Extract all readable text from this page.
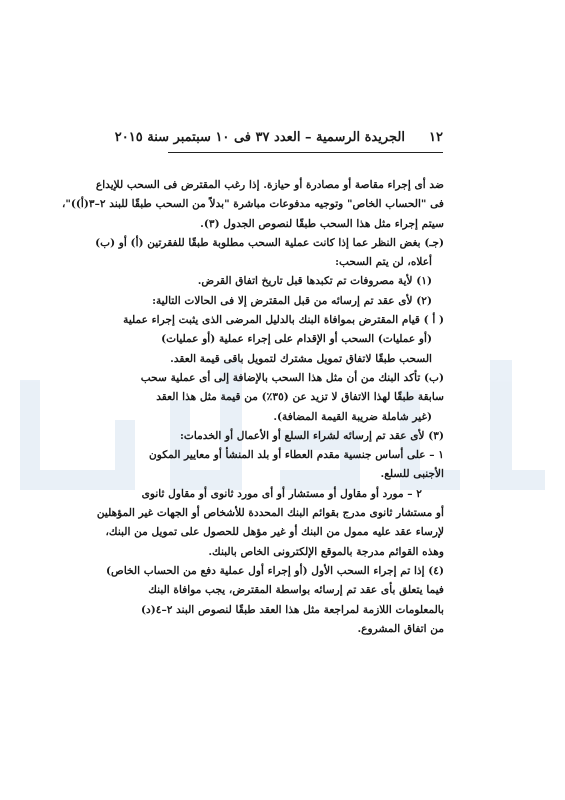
١٢
الجريدة الرسمية – العدد ٣٧ فى ١٠ سبتمبر سنة ٢٠١٥
ضد أى إجراء مقاصة أو مصادرة أو حيازة. إذا رغب المقترض فى السحب للإيداع
فى "الحساب الخاص" وتوجيه مدفوعات مباشرة "بدلاً من السحب طبقًا للبند ٢–٣(أ))"،
سيتم إجراء مثل هذا السحب طبقًا لنصوص الجدول (٣).
(جـ) بغض النظر عما إذا كانت عملية السحب مطلوبة طبقًا للفقرتين (أ) أو (ب)
أعلاه، لن يتم السحب:
(١) لأية مصروفات تم تكبدها قبل تاريخ اتفاق القرض.
(٢) لأى عقد تم إرسائه من قبل المقترض إلا فى الحالات التالية:
( أ ) قيام المقترض بموافاة البنك بالدليل المرضى الذى يثبت إجراء عملية
(أو عمليات) السحب أو الإقدام على إجراء عملية (أو عمليات)
السحب طبقًا لاتفاق تمويل مشترك لتمويل باقى قيمة العقد.
(ب) تأكد البنك من أن مثل هذا السحب بالإضافة إلى أى عملية سحب
سابقة طبقًا لهذا الاتفاق لا تزيد عن (٣٥٪) من قيمة مثل هذا العقد
(غير شاملة ضريبة القيمة المضافة).
(٣) لأى عقد تم إرسائه لشراء السلع أو الأعمال أو الخدمات:
١ – على أساس جنسية مقدم العطاء أو بلد المنشأ أو معايير المكون
الأجنبى للسلع.
٢ – مورد أو مقاول أو مستشار أو أى مورد ثانوى أو مقاول ثانوى
أو مستشار ثانوى مدرج بقوائم البنك المحددة للأشخاص أو الجهات غير المؤهلين
لإرساء عقد عليه ممول من البنك أو غير مؤهل للحصول على تمويل من البنك،
وهذه القوائم مدرجة بالموقع الإلكترونى الخاص بالبنك.
(٤) إذا تم إجراء السحب الأول (أو إجراء أول عملية دفع من الحساب الخاص)
فيما يتعلق بأى عقد تم إرسائه بواسطة المقترض، يجب موافاة البنك
بالمعلومات اللازمة لمراجعة مثل هذا العقد طبقًا لنصوص البند ٢–٤(د)
من اتفاق المشروع.
